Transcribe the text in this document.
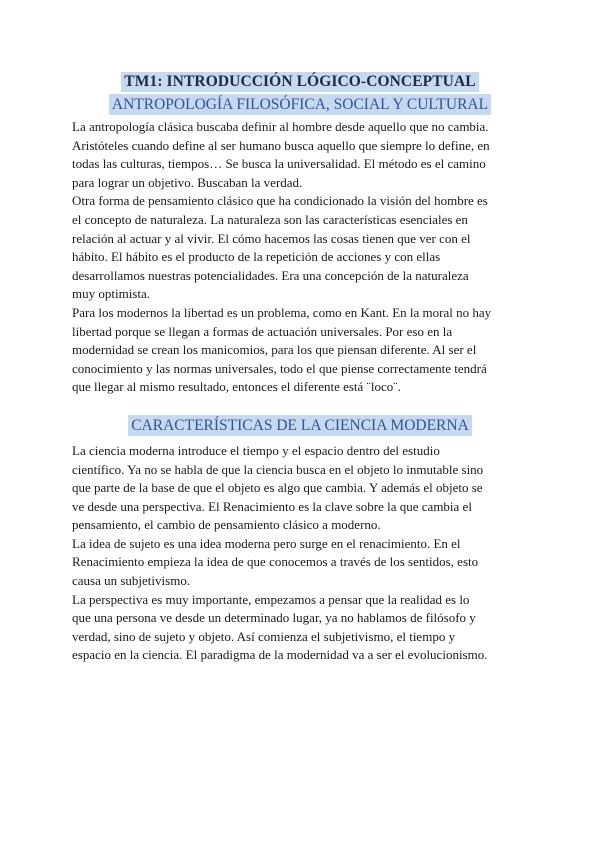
TM1: INTRODUCCIÓN LÓGICO-CONCEPTUAL
ANTROPOLOGÍA FILOSÓFICA, SOCIAL Y CULTURAL

La antropología clásica buscaba definir al hombre desde aquello que no cambia.
Aristóteles cuando define al ser humano busca aquello que siempre lo define, en
todas las culturas, tiempos… Se busca la universalidad. El método es el camino
para lograr un objetivo. Buscaban la verdad.

Otra forma de pensamiento clásico que ha condicionado la visión del hombre es
el concepto de naturaleza. La naturaleza son las características esenciales en
relación al actuar y al vivir. El cómo hacemos las cosas tienen que ver con el
hábito. El hábito es el producto de la repetición de acciones y con ellas
desarrollamos nuestras potencialidades. Era una concepción de la naturaleza
muy optimista.

Para los modernos la libertad es un problema, como en Kant. En la moral no hay
libertad porque se llegan a formas de actuación universales. Por eso en la
modernidad se crean los manicomios, para los que piensan diferente. Al ser el
conocimiento y las normas universales, todo el que piense correctamente tendrá
que llegar al mismo resultado, entonces el diferente está ¨loco¨.

CARACTERÍSTICAS DE LA CIENCIA MODERNA

La ciencia moderna introduce el tiempo y el espacio dentro del estudio
científico. Ya no se habla de que la ciencia busca en el objeto lo inmutable sino
que parte de la base de que el objeto es algo que cambia. Y además el objeto se
ve desde una perspectiva. El Renacimiento es la clave sobre la que cambia el
pensamiento, el cambio de pensamiento clásico a moderno.

La idea de sujeto es una idea moderna pero surge en el renacimiento. En el
Renacimiento empieza la idea de que conocemos a través de los sentidos, esto
causa un subjetivismo.

La perspectiva es muy importante, empezamos a pensar que la realidad es lo
que una persona ve desde un determinado lugar, ya no hablamos de filósofo y
verdad, sino de sujeto y objeto. Así comienza el subjetivismo, el tiempo y
espacio en la ciencia. El paradigma de la modernidad va a ser el evolucionismo.
